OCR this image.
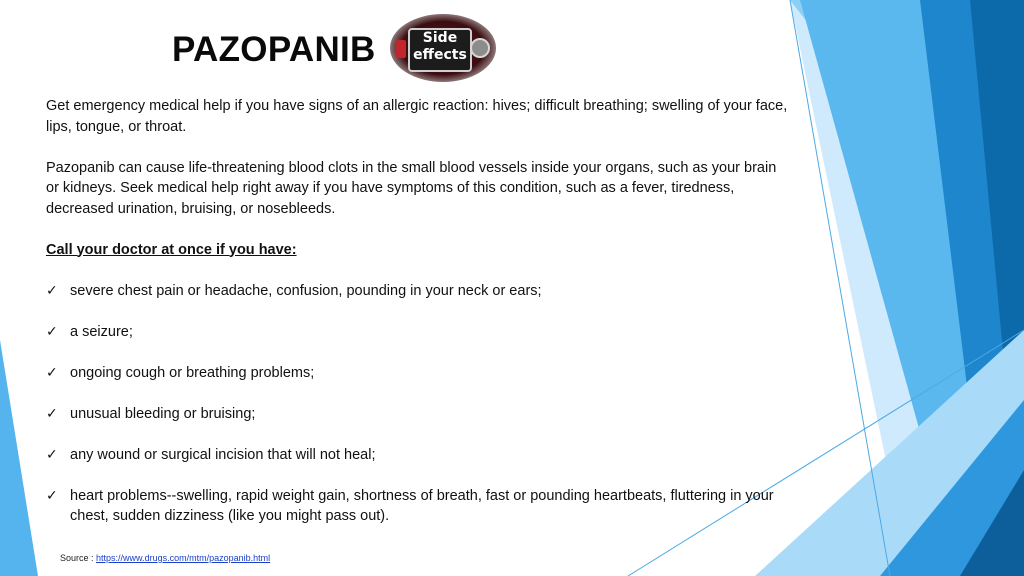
PAZOPANIB	Side
effects

Get emergency medical help if you have signs of an allergic reaction: hives; difficult breathing; swelling of your face, lips, tongue, or throat.

Pazopanib can cause life-threatening blood clots in the small blood vessels inside your organs, such as your brain or kidneys. Seek medical help right away if you have symptoms of this condition, such as a fever, tiredness, decreased urination, bruising, or nosebleeds.

Call your doctor at once if you have:

✓ severe chest pain or headache, confusion, pounding in your neck or ears;
✓ a seizure;
✓ ongoing cough or breathing problems;
✓ unusual bleeding or bruising;
✓ any wound or surgical incision that will not heal;
✓ heart problems--swelling, rapid weight gain, shortness of breath, fast or pounding heartbeats, fluttering in your chest, sudden dizziness (like you might pass out).
Source : https://www.drugs.com/mtm/pazopanib.html
